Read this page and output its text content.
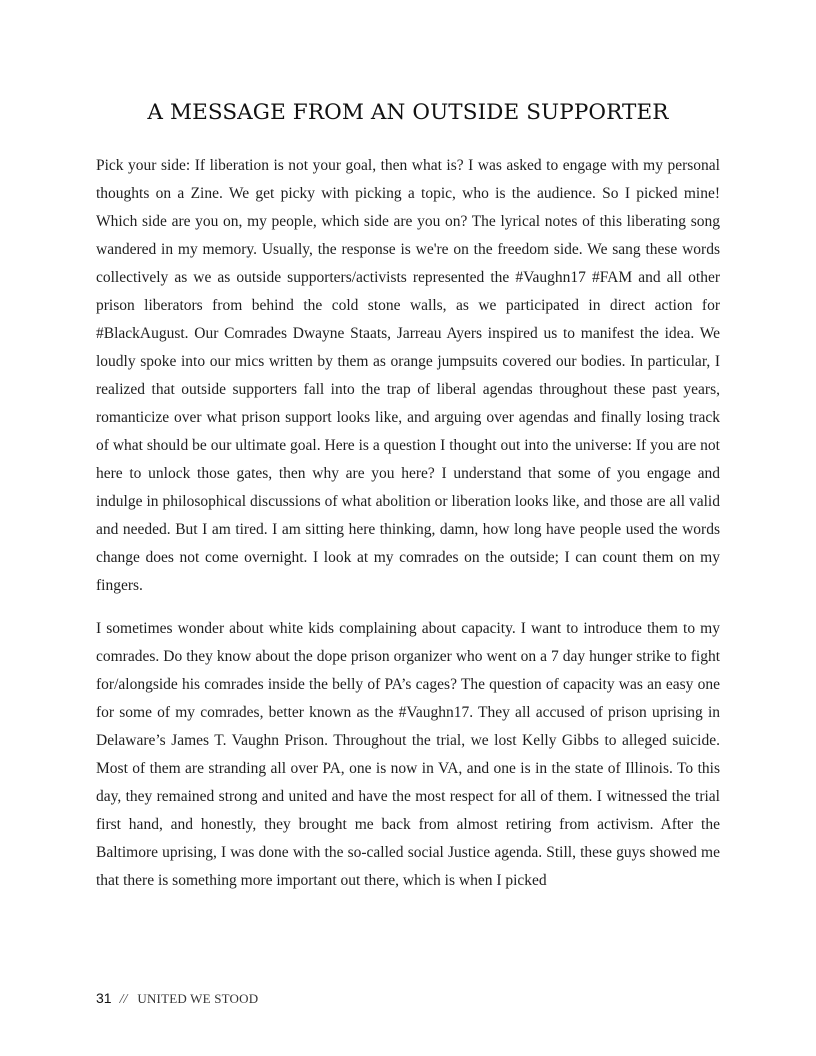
A MESSAGE FROM AN OUTSIDE SUPPORTER

Pick your side: If liberation is not your goal, then what is? I was asked to engage with my personal thoughts on a Zine. We get picky with picking a topic, who is the audience. So I picked mine! Which side are you on, my people, which side are you on? The lyrical notes of this liberating song wandered in my memory. Usually, the response is we're on the freedom side. We sang these words collectively as we as outside supporters/activists represented the #Vaughn17 #FAM and all other prison liberators from behind the cold stone walls, as we participated in direct action for #BlackAugust. Our Comrades Dwayne Staats, Jarreau Ayers inspired us to manifest the idea. We loudly spoke into our mics written by them as orange jumpsuits covered our bodies. In particular, I realized that outside supporters fall into the trap of liberal agendas throughout these past years, romanticize over what prison support looks like, and arguing over agendas and finally losing track of what should be our ultimate goal. Here is a question I thought out into the universe: If you are not here to unlock those gates, then why are you here? I understand that some of you engage and indulge in philosophical discussions of what abolition or liberation looks like, and those are all valid and needed. But I am tired. I am sitting here thinking, damn, how long have people used the words change does not come overnight. I look at my comrades on the outside; I can count them on my fingers.

I sometimes wonder about white kids complaining about capacity. I want to introduce them to my comrades. Do they know about the dope prison organizer who went on a 7 day hunger strike to fight for/alongside his comrades inside the belly of PA’s cages? The question of capacity was an easy one for some of my comrades, better known as the #Vaughn17. They all accused of prison uprising in Delaware’s James T. Vaughn Prison. Throughout the trial, we lost Kelly Gibbs to alleged suicide. Most of them are stranding all over PA, one is now in VA, and one is in the state of Illinois. To this day, they remained strong and united and have the most respect for all of them. I witnessed the trial first hand, and honestly, they brought me back from almost retiring from activism. After the Baltimore uprising, I was done with the so-called social Justice agenda. Still, these guys showed me that there is something more important out there, which is when I picked

31 // UNITED WE STOOD
